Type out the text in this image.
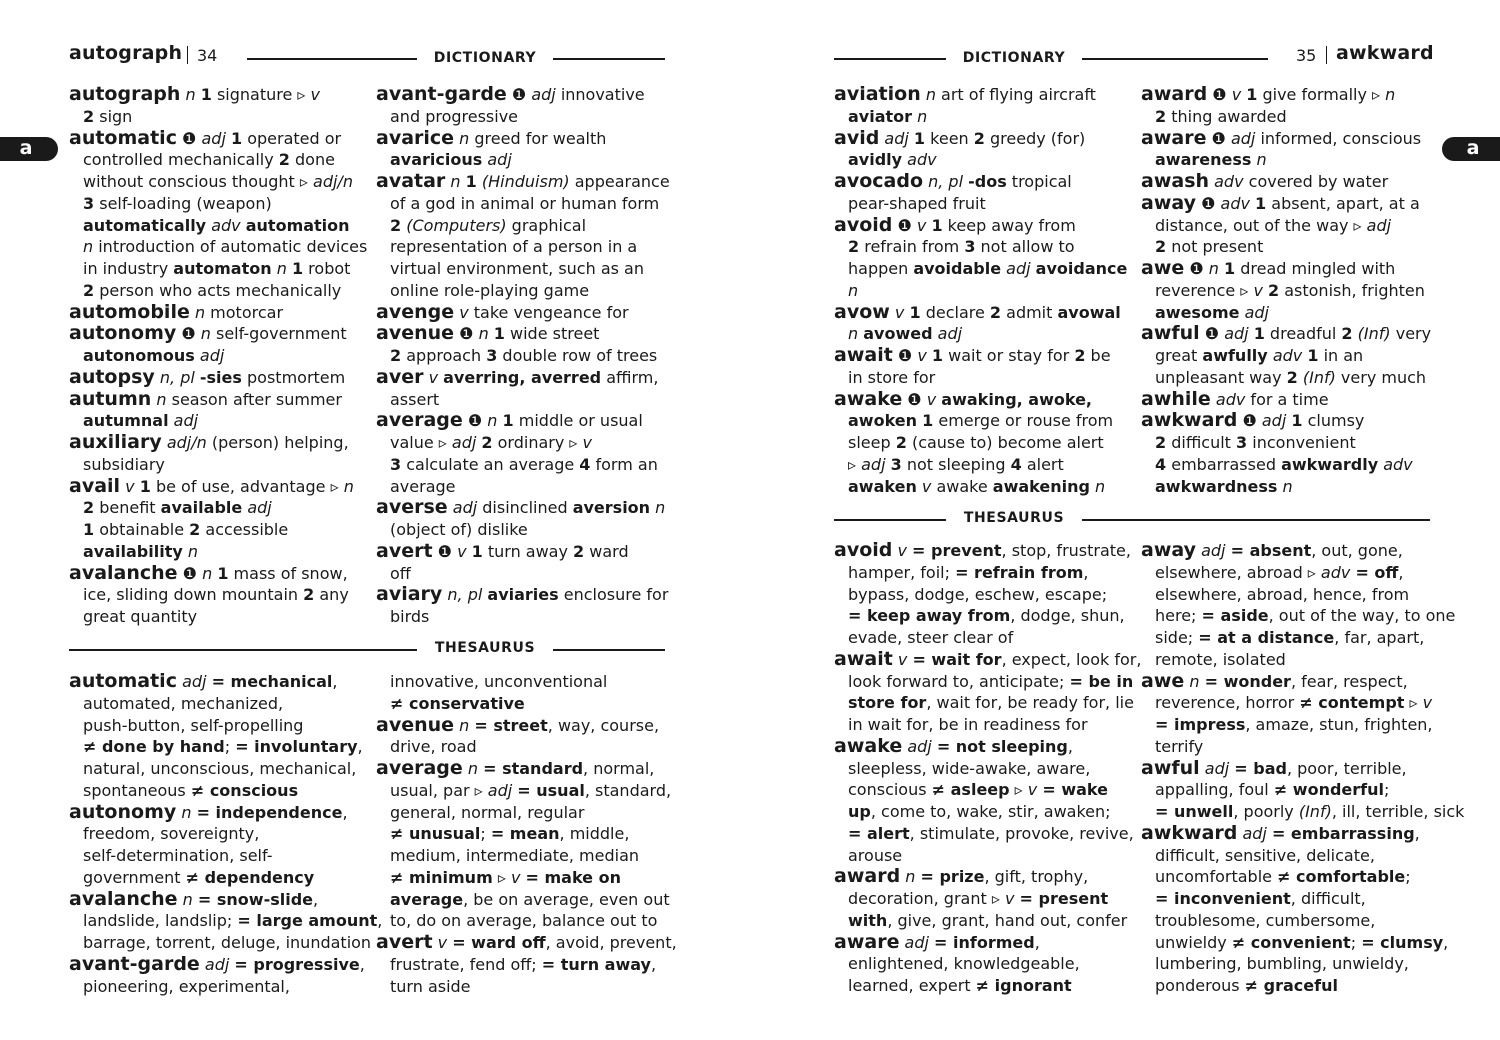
autograph 34	DICTIONARY	DICTIONARY	35 awkward
a	a
autograph n 1 signature ▹ v
2 sign
automatic ❶ adj 1 operated or
controlled mechanically 2 done
without conscious thought ▹ adj/n
3 self-loading (weapon)
automatically adv automation
n introduction of automatic devices
in industry automaton n 1 robot
2 person who acts mechanically
automobile n motorcar
autonomy ❶ n self-government
autonomous adj
autopsy n, pl -sies postmortem
autumn n season after summer
autumnal adj
auxiliary adj/n (person) helping,
subsidiary
avail v 1 be of use, advantage ▹ n
2 benefit available adj
1 obtainable 2 accessible
availability n
avalanche ❶ n 1 mass of snow,
ice, sliding down mountain 2 any
great quantity
avant-garde ❶ adj innovative
and progressive
avarice n greed for wealth
avaricious adj
avatar n 1 (Hinduism) appearance
of a god in animal or human form
2 (Computers) graphical
representation of a person in a
virtual environment, such as an
online role-playing game
avenge v take vengeance for
avenue ❶ n 1 wide street
2 approach 3 double row of trees
aver v averring, averred affirm,
assert
average ❶ n 1 middle or usual
value ▹ adj 2 ordinary ▹ v
3 calculate an average 4 form an
average
averse adj disinclined aversion n
(object of) dislike
avert ❶ v 1 turn away 2 ward
off
aviary n, pl aviaries enclosure for
birds
THESAURUS
automatic adj = mechanical,
automated, mechanized,
push-button, self-propelling
≠ done by hand; = involuntary,
natural, unconscious, mechanical,
spontaneous ≠ conscious
autonomy n = independence,
freedom, sovereignty,
self-determination, self-
government ≠ dependency
avalanche n = snow-slide,
landslide, landslip; = large amount,
barrage, torrent, deluge, inundation
avant-garde adj = progressive,
pioneering, experimental,
innovative, unconventional
≠ conservative
avenue n = street, way, course,
drive, road
average n = standard, normal,
usual, par ▹ adj = usual, standard,
general, normal, regular
≠ unusual; = mean, middle,
medium, intermediate, median
≠ minimum ▹ v = make on
average, be on average, even out
to, do on average, balance out to
avert v = ward off, avoid, prevent,
frustrate, fend off; = turn away,
turn aside
aviation n art of flying aircraft
aviator n
avid adj 1 keen 2 greedy (for)
avidly adv
avocado n, pl -dos tropical
pear-shaped fruit
avoid ❶ v 1 keep away from
2 refrain from 3 not allow to
happen avoidable adj avoidance
n
avow v 1 declare 2 admit avowal
n avowed adj
await ❶ v 1 wait or stay for 2 be
in store for
awake ❶ v awaking, awoke,
awoken 1 emerge or rouse from
sleep 2 (cause to) become alert
▹ adj 3 not sleeping 4 alert
awaken v awake awakening n
award ❶ v 1 give formally ▹ n
2 thing awarded
aware ❶ adj informed, conscious
awareness n
awash adv covered by water
away ❶ adv 1 absent, apart, at a
distance, out of the way ▹ adj
2 not present
awe ❶ n 1 dread mingled with
reverence ▹ v 2 astonish, frighten
awesome adj
awful ❶ adj 1 dreadful 2 (Inf) very
great awfully adv 1 in an
unpleasant way 2 (Inf) very much
awhile adv for a time
awkward ❶ adj 1 clumsy
2 difficult 3 inconvenient
4 embarrassed awkwardly adv
awkwardness n
THESAURUS
avoid v = prevent, stop, frustrate,
hamper, foil; = refrain from,
bypass, dodge, eschew, escape;
= keep away from, dodge, shun,
evade, steer clear of
await v = wait for, expect, look for,
look forward to, anticipate; = be in
store for, wait for, be ready for, lie
in wait for, be in readiness for
awake adj = not sleeping,
sleepless, wide-awake, aware,
conscious ≠ asleep ▹ v = wake
up, come to, wake, stir, awaken;
= alert, stimulate, provoke, revive,
arouse
award n = prize, gift, trophy,
decoration, grant ▹ v = present
with, give, grant, hand out, confer
aware adj = informed,
enlightened, knowledgeable,
learned, expert ≠ ignorant
away adj = absent, out, gone,
elsewhere, abroad ▹ adv = off,
elsewhere, abroad, hence, from
here; = aside, out of the way, to one
side; = at a distance, far, apart,
remote, isolated
awe n = wonder, fear, respect,
reverence, horror ≠ contempt ▹ v
= impress, amaze, stun, frighten,
terrify
awful adj = bad, poor, terrible,
appalling, foul ≠ wonderful;
= unwell, poorly (Inf), ill, terrible, sick
awkward adj = embarrassing,
difficult, sensitive, delicate,
uncomfortable ≠ comfortable;
= inconvenient, difficult,
troublesome, cumbersome,
unwieldy ≠ convenient; = clumsy,
lumbering, bumbling, unwieldy,
ponderous ≠ graceful
